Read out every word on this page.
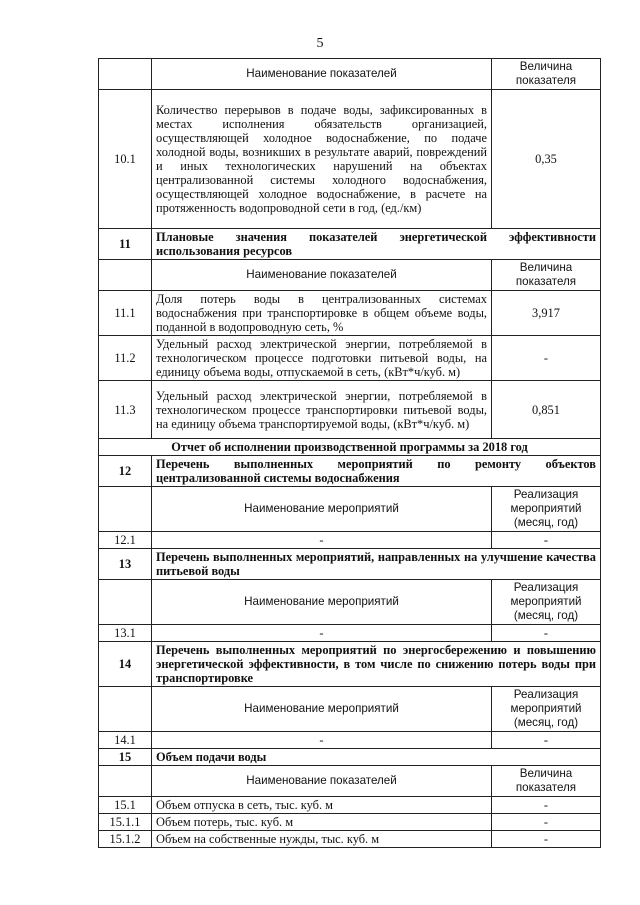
5
	Наименование показателей	Величина показателя
10.1	Количество перерывов в подаче воды, зафиксированных в местах исполнения обязательств организацией, осуществляющей холодное водоснабжение, по подаче холодной воды, возникших в результате аварий, повреждений и иных технологических нарушений на объектах централизованной системы холодного водоснабжения, осуществляющей холодное водоснабжение, в расчете на протяженность водопроводной сети в год, (ед./км)	0,35
11	Плановые значения показателей энергетической эффективности использования ресурсов	
	Наименование показателей	Величина показателя
11.1	Доля потерь воды в централизованных системах водоснабжения при транспортировке в общем объеме воды, поданной в водопроводную сеть, %	3,917
11.2	Удельный расход электрической энергии, потребляемой в технологическом процессе подготовки питьевой воды, на единицу объема воды, отпускаемой в сеть, (кВт*ч/куб. м)	-
11.3	Удельный расход электрической энергии, потребляемой в технологическом процессе транспортировки питьевой воды, на единицу объема транспортируемой воды, (кВт*ч/куб. м)	0,851
Отчет об исполнении производственной программы за 2018 год		
12	Перечень выполненных мероприятий по ремонту объектов централизованной системы водоснабжения	
	Наименование мероприятий	Реализация мероприятий (месяц, год)
12.1	-	-
13	Перечень выполненных мероприятий, направленных на улучшение качества питьевой воды	
	Наименование мероприятий	Реализация мероприятий (месяц, год)
13.1	-	-
14	Перечень выполненных мероприятий по энергосбережению и повышению энергетической эффективности, в том числе по снижению потерь воды при транспортировке	
	Наименование мероприятий	Реализация мероприятий (месяц, год)
14.1	-	-
15	Объем подачи воды	
	Наименование показателей	Величина показателя
15.1	Объем отпуска в сеть, тыс. куб. м	-
15.1.1	Объем потерь, тыс. куб. м	-
15.1.2	Объем на собственные нужды, тыс. куб. м	-
